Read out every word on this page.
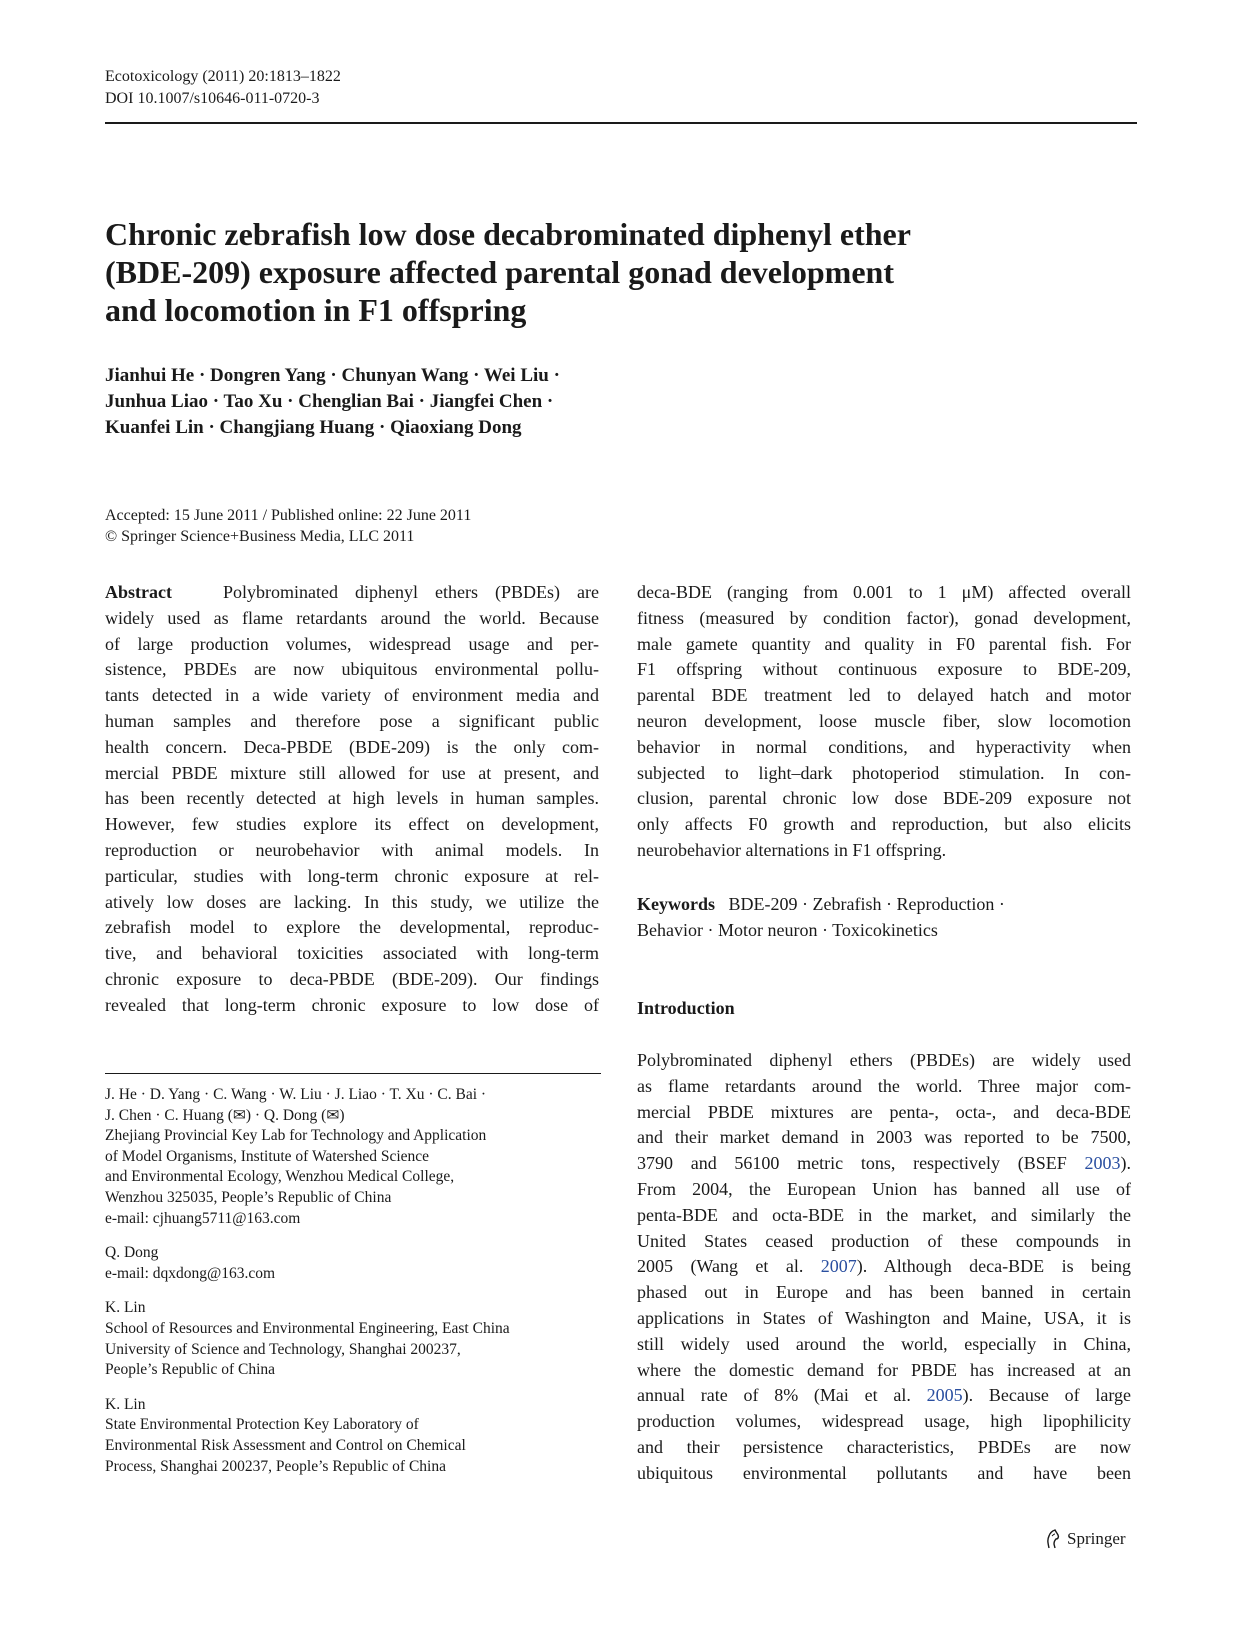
Ecotoxicology (2011) 20:1813–1822
DOI 10.1007/s10646-011-0720-3
Chronic zebrafish low dose decabrominated diphenyl ether
(BDE-209) exposure affected parental gonad development
and locomotion in F1 offspring
Jianhui He · Dongren Yang · Chunyan Wang · Wei Liu ·
Junhua Liao · Tao Xu · Chenglian Bai · Jiangfei Chen ·
Kuanfei Lin · Changjiang Huang · Qiaoxiang Dong
Accepted: 15 June 2011 / Published online: 22 June 2011
© Springer Science+Business Media, LLC 2011
Abstract	Polybrominated diphenyl ethers (PBDEs) are
widely used as flame retardants around the world. Because
of large production volumes, widespread usage and per-
sistence, PBDEs are now ubiquitous environmental pollu-
tants detected in a wide variety of environment media and
human samples and therefore pose a significant public
health concern. Deca-PBDE (BDE-209) is the only com-
mercial PBDE mixture still allowed for use at present, and
has been recently detected at high levels in human samples.
However, few studies explore its effect on development,
reproduction or neurobehavior with animal models. In
particular, studies with long-term chronic exposure at rel-
atively low doses are lacking. In this study, we utilize the
zebrafish model to explore the developmental, reproduc-
tive, and behavioral toxicities associated with long-term
chronic exposure to deca-PBDE (BDE-209). Our findings
revealed that long-term chronic exposure to low dose of
deca-BDE (ranging from 0.001 to 1 μM) affected overall
fitness (measured by condition factor), gonad development,
male gamete quantity and quality in F0 parental fish. For
F1 offspring without continuous exposure to BDE-209,
parental BDE treatment led to delayed hatch and motor
neuron development, loose muscle fiber, slow locomotion
behavior in normal conditions, and hyperactivity when
subjected to light–dark photoperiod stimulation. In con-
clusion, parental chronic low dose BDE-209 exposure not
only affects F0 growth and reproduction, but also elicits
neurobehavior alternations in F1 offspring.
Keywords BDE-209 · Zebrafish · Reproduction ·
Behavior · Motor neuron · Toxicokinetics
Introduction
Polybrominated diphenyl ethers (PBDEs) are widely used
as flame retardants around the world. Three major com-
mercial PBDE mixtures are penta-, octa-, and deca-BDE
and their market demand in 2003 was reported to be 7500,
3790 and 56100 metric tons, respectively (BSEF 2003).
From 2004, the European Union has banned all use of
penta-BDE and octa-BDE in the market, and similarly the
United States ceased production of these compounds in
2005 (Wang et al. 2007). Although deca-BDE is being
phased out in Europe and has been banned in certain
applications in States of Washington and Maine, USA, it is
still widely used around the world, especially in China,
where the domestic demand for PBDE has increased at an
annual rate of 8% (Mai et al. 2005). Because of large
production volumes, widespread usage, high lipophilicity
and their persistence characteristics, PBDEs are now
ubiquitous environmental pollutants and have been
J. He · D. Yang · C. Wang · W. Liu · J. Liao · T. Xu · C. Bai ·
J. Chen · C. Huang (✉) · Q. Dong (✉)
Zhejiang Provincial Key Lab for Technology and Application
of Model Organisms, Institute of Watershed Science
and Environmental Ecology, Wenzhou Medical College,
Wenzhou 325035, People’s Republic of China
e-mail: cjhuang5711@163.com
Q. Dong
e-mail: dqxdong@163.com
K. Lin
School of Resources and Environmental Engineering, East China
University of Science and Technology, Shanghai 200237,
People’s Republic of China
K. Lin
State Environmental Protection Key Laboratory of
Environmental Risk Assessment and Control on Chemical
Process, Shanghai 200237, People’s Republic of China
Springer
